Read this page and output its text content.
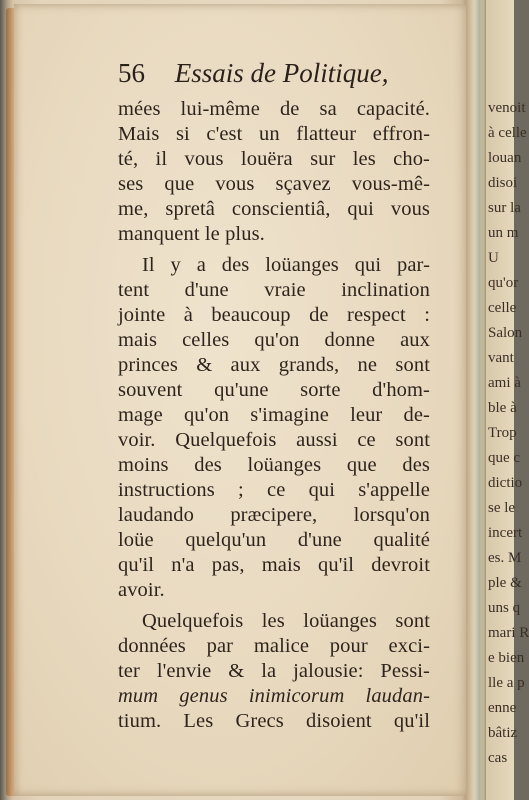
venoit
à celle
louan
disoi
sur la
un m
U
qu'or
celle
Salon
vant
ami à
ble à
Trop
que c
dictio
se le
incert
es. M
ple &
uns q
mari R
e bien
lle a p
enne
bâtiz
cas
56 Essais de Politique,
mées lui-même de sa capacité.
Mais si c'est un flatteur effron-
té, il vous louëra sur les cho-
ses que vous sçavez vous-mê-
me, spretâ conscientiâ, qui vous
manquent le plus.
Il y a des loüanges qui par-
tent d'une vraie inclination
jointe à beaucoup de respect :
mais celles qu'on donne aux
princes & aux grands, ne sont
souvent qu'une sorte d'hom-
mage qu'on s'imagine leur de-
voir. Quelquefois aussi ce sont
moins des loüanges que des
instructions ; ce qui s'appelle
laudando præcipere, lorsqu'on
loüe quelqu'un d'une qualité
qu'il n'a pas, mais qu'il devroit
avoir.
Quelquefois les loüanges sont
données par malice pour exci-
ter l'envie & la jalousie: Pessi-
mum genus inimicorum laudan-
tium. Les Grecs disoient qu'il
